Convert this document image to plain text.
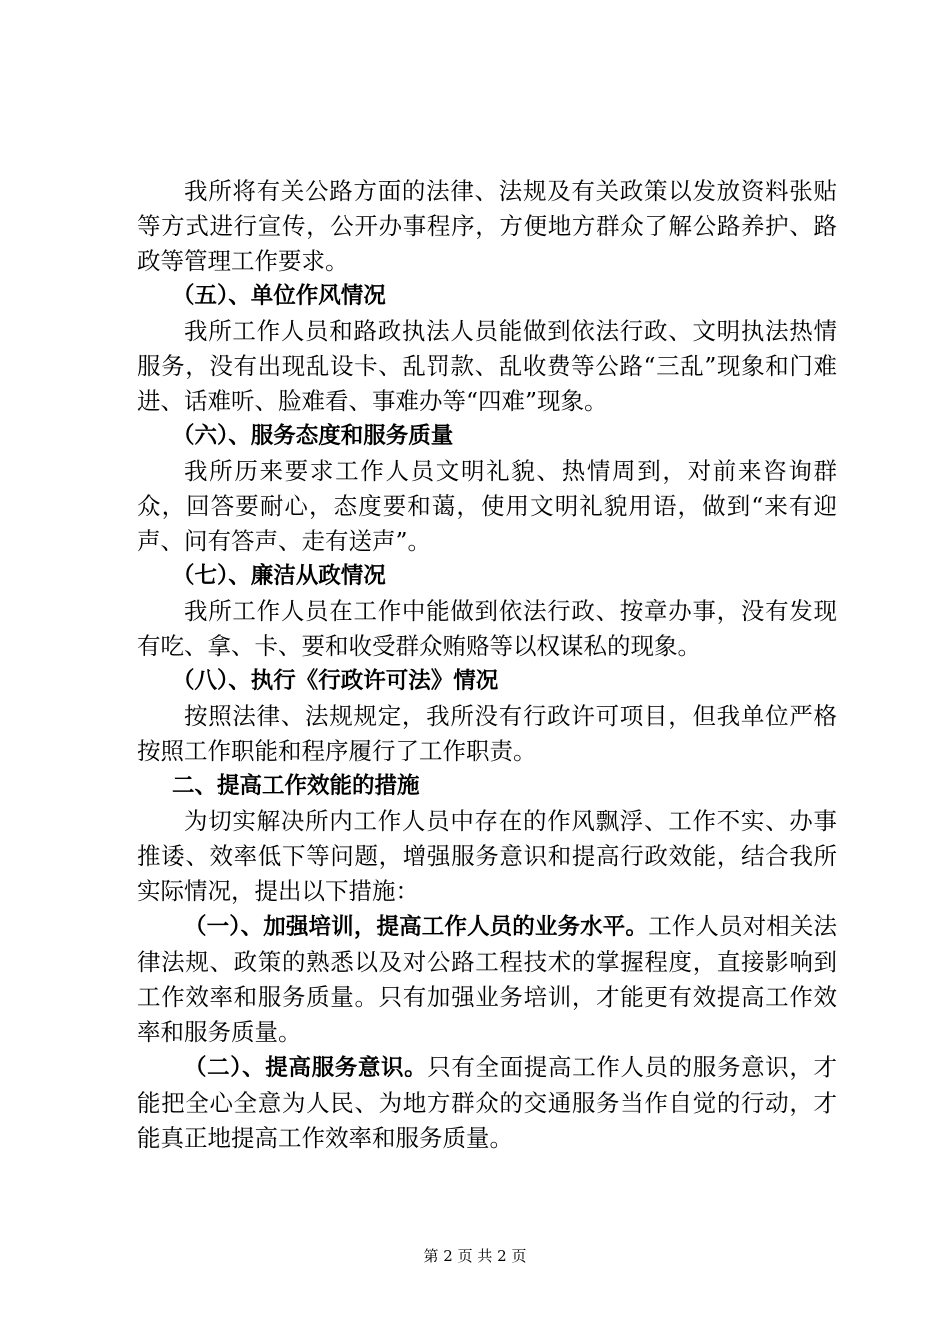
我所将有关公路方面的法律、法规及有关政策以发放资料张贴等方式进行宣传，公开办事程序，方便地方群众了解公路养护、路政等管理工作要求。

（五）、单位作风情况

我所工作人员和路政执法人员能做到依法行政、文明执法热情服务，没有出现乱设卡、乱罚款、乱收费等公路“三乱”现象和门难进、话难听、脸难看、事难办等“四难”现象。

（六）、服务态度和服务质量

我所历来要求工作人员文明礼貌、热情周到，对前来咨询群众，回答要耐心，态度要和蔼，使用文明礼貌用语，做到“来有迎声、问有答声、走有送声”。

（七）、廉洁从政情况

我所工作人员在工作中能做到依法行政、按章办事，没有发现有吃、拿、卡、要和收受群众贿赂等以权谋私的现象。

（八）、执行《行政许可法》情况

按照法律、法规规定，我所没有行政许可项目，但我单位严格按照工作职能和程序履行了工作职责。

二、提高工作效能的措施

为切实解决所内工作人员中存在的作风飘浮、工作不实、办事推诿、效率低下等问题，增强服务意识和提高行政效能，结合我所实际情况，提出以下措施：

（一）、加强培训，提高工作人员的业务水平。工作人员对相关法律法规、政策的熟悉以及对公路工程技术的掌握程度，直接影响到工作效率和服务质量。只有加强业务培训，才能更有效提高工作效率和服务质量。

（二）、提高服务意识。只有全面提高工作人员的服务意识，才能把全心全意为人民、为地方群众的交通服务当作自觉的行动，才能真正地提高工作效率和服务质量。

第 2 页 共 2 页
